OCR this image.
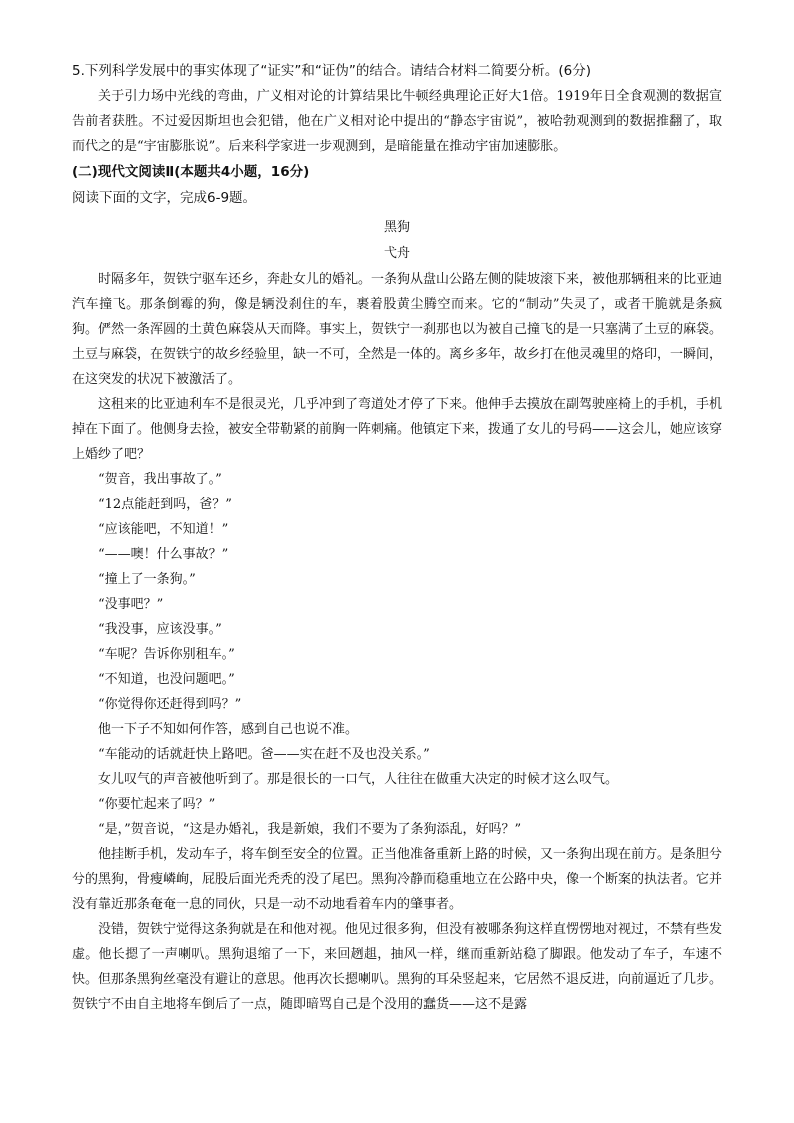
5.下列科学发展中的事实体现了“证实”和“证伪”的结合。请结合材料二简要分析。(6分)

关于引力场中光线的弯曲，广义相对论的计算结果比牛顿经典理论正好大1倍。1919年日全食观测的数据宣告前者获胜。不过爱因斯坦也会犯错，他在广义相对论中提出的“静态宇宙说”，被哈勃观测到的数据推翻了，取而代之的是“宇宙膨胀说”。后来科学家进一步观测到，是暗能量在推动宇宙加速膨胀。

(二)现代文阅读Ⅱ(本题共4小题，16分)

阅读下面的文字，完成6-9题。

黑狗

弋舟

时隔多年，贺铁宁驱车还乡，奔赴女儿的婚礼。一条狗从盘山公路左侧的陡坡滚下来，被他那辆租来的比亚迪汽车撞飞。那条倒霉的狗，像是辆没刹住的车，裹着股黄尘腾空而来。它的“制动”失灵了，或者干脆就是条疯狗。俨然一条浑圆的土黄色麻袋从天而降。事实上，贺铁宁一刹那也以为被自己撞飞的是一只塞满了土豆的麻袋。土豆与麻袋，在贺铁宁的故乡经验里，缺一不可，全然是一体的。离乡多年，故乡打在他灵魂里的烙印，一瞬间，在这突发的状况下被激活了。

这租来的比亚迪利车不是很灵光，几乎冲到了弯道处才停了下来。他伸手去摸放在副驾驶座椅上的手机，手机掉在下面了。他侧身去捡，被安全带勒紧的前胸一阵刺痛。他镇定下来，拨通了女儿的号码——这会儿，她应该穿上婚纱了吧？

“贺音，我出事故了。”

“12点能赶到吗，爸？”

“应该能吧，不知道！”

“——噢！什么事故？”

“撞上了一条狗。”

“没事吧？”

“我没事，应该没事。”

“车呢？告诉你别租车。”

“不知道，也没问题吧。”

“你觉得你还赶得到吗？”

他一下子不知如何作答，感到自己也说不准。

“车能动的话就赶快上路吧。爸——实在赶不及也没关系。”

女儿叹气的声音被他听到了。那是很长的一口气，人往往在做重大决定的时候才这么叹气。

“你要忙起来了吗？”

“是，”贺音说，“这是办婚礼，我是新娘，我们不要为了条狗添乱，好吗？”

他挂断手机，发动车子，将车倒至安全的位置。正当他准备重新上路的时候，又一条狗出现在前方。是条胆兮兮的黑狗，骨瘦嶙峋，屁股后面光秃秃的没了尾巴。黑狗冷静而稳重地立在公路中央，像一个断案的执法者。它并没有靠近那条奄奄一息的同伙，只是一动不动地看着车内的肇事者。

没错，贺铁宁觉得这条狗就是在和他对视。他见过很多狗，但没有被哪条狗这样直愣愣地对视过，不禁有些发虚。他长摁了一声喇叭。黑狗退缩了一下，来回趔趄，抽风一样，继而重新站稳了脚跟。他发动了车子，车速不快。但那条黑狗丝毫没有避让的意思。他再次长摁喇叭。黑狗的耳朵竖起来，它居然不退反进，向前逼近了几步。贺铁宁不由自主地将车倒后了一点，随即暗骂自己是个没用的蠢货——这不是露
